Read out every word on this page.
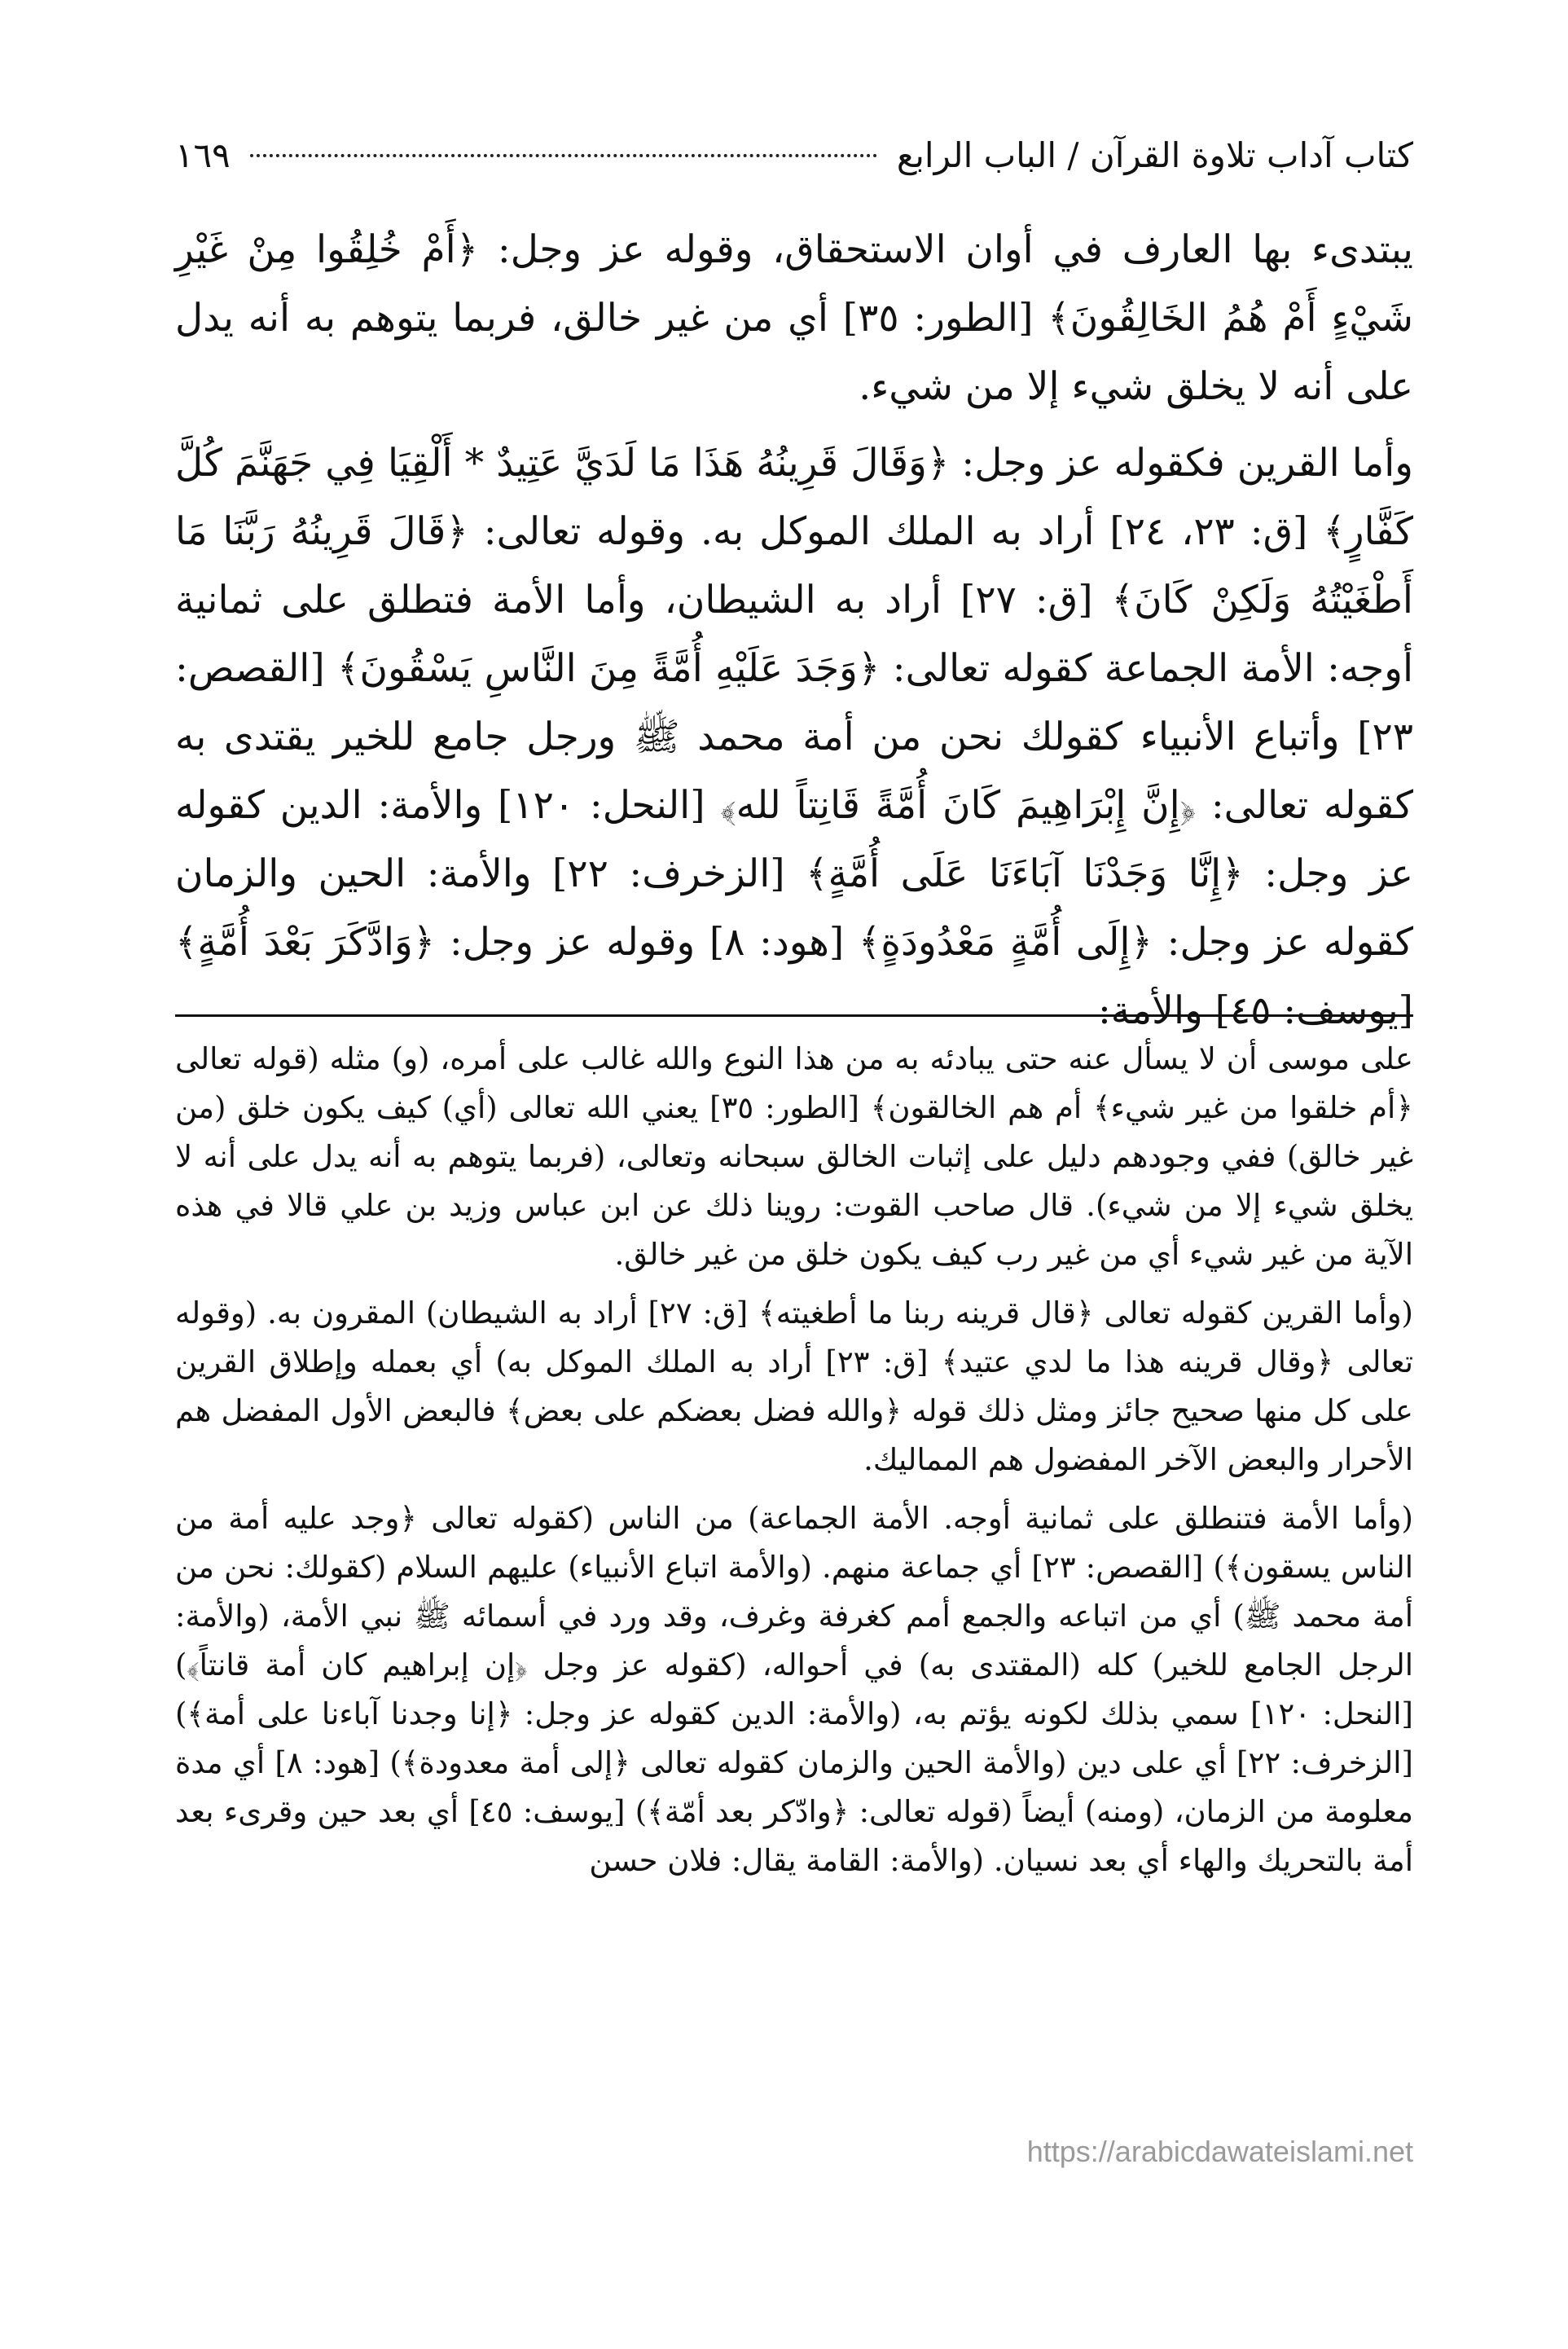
كتاب آداب تلاوة القرآن / الباب الرابع
١٦٩

يبتدىء بها العارف في أوان الاستحقاق، وقوله عز وجل: ﴿أَمْ خُلِقُوا مِنْ غَيْرِ شَيْءٍ أَمْ هُمُ الخَالِقُونَ﴾ [الطور: ٣٥] أي من غير خالق، فربما يتوهم به أنه يدل على أنه لا يخلق شيء إلا من شيء.

وأما القرين فكقوله عز وجل: ﴿وَقَالَ قَرِينُهُ هَذَا مَا لَدَيَّ عَتِيدٌ * أَلْقِيَا فِي جَهَنَّمَ كُلَّ كَفَّارٍ﴾ [ق: ٢٣، ٢٤] أراد به الملك الموكل به. وقوله تعالى: ﴿قَالَ قَرِينُهُ رَبَّنَا مَا أَطْغَيْتُهُ وَلَكِنْ كَانَ﴾ [ق: ٢٧] أراد به الشيطان، وأما الأمة فتطلق على ثمانية أوجه: الأمة الجماعة كقوله تعالى: ﴿وَجَدَ عَلَيْهِ أُمَّةً مِنَ النَّاسِ يَسْقُونَ﴾ [القصص: ٢٣] وأتباع الأنبياء كقولك نحن من أمة محمد ﷺ ورجل جامع للخير يقتدى به كقوله تعالى: ﴿إِنَّ إِبْرَاهِيمَ كَانَ أُمَّةً قَانِتاً لله﴾ [النحل: ١٢٠] والأمة: الدين كقوله عز وجل: ﴿إِنَّا وَجَدْنَا آبَاءَنَا عَلَى أُمَّةٍ﴾ [الزخرف: ٢٢] والأمة: الحين والزمان كقوله عز وجل: ﴿إِلَى أُمَّةٍ مَعْدُودَةٍ﴾ [هود: ٨] وقوله عز وجل: ﴿وَادَّكَرَ بَعْدَ أُمَّةٍ﴾ [يوسف: ٤٥] والأمة:

على موسى أن لا يسأل عنه حتى يبادئه به من هذا النوع والله غالب على أمره، (و) مثله (قوله تعالى ﴿أم خلقوا من غير شيء﴾ أم هم الخالقون﴾ [الطور: ٣٥] يعني الله تعالى (أي) كيف يكون خلق (من غير خالق) ففي وجودهم دليل على إثبات الخالق سبحانه وتعالى، (فربما يتوهم به أنه يدل على أنه لا يخلق شيء إلا من شيء). قال صاحب القوت: روينا ذلك عن ابن عباس وزيد بن علي قالا في هذه الآية من غير شيء أي من غير رب كيف يكون خلق من غير خالق.

(وأما القرين كقوله تعالى ﴿قال قرينه ربنا ما أطغيته﴾ [ق: ٢٧] أراد به الشيطان) المقرون به. (وقوله تعالى ﴿وقال قرينه هذا ما لدي عتيد﴾ [ق: ٢٣] أراد به الملك الموكل به) أي بعمله وإطلاق القرين على كل منها صحيح جائز ومثل ذلك قوله ﴿والله فضل بعضكم على بعض﴾ فالبعض الأول المفضل هم الأحرار والبعض الآخر المفضول هم المماليك.

(وأما الأمة فتنطلق على ثمانية أوجه. الأمة الجماعة) من الناس (كقوله تعالى ﴿وجد عليه أمة من الناس يسقون﴾) [القصص: ٢٣] أي جماعة منهم. (والأمة اتباع الأنبياء) عليهم السلام (كقولك: نحن من أمة محمد ﷺ) أي من اتباعه والجمع أمم كغرفة وغرف، وقد ورد في أسمائه ﷺ نبي الأمة، (والأمة: الرجل الجامع للخير) كله (المقتدى به) في أحواله، (كقوله عز وجل ﴿إن إبراهيم كان أمة قانتاً﴾) [النحل: ١٢٠] سمي بذلك لكونه يؤتم به، (والأمة: الدين كقوله عز وجل: ﴿إنا وجدنا آباءنا على أمة﴾) [الزخرف: ٢٢] أي على دين (والأمة الحين والزمان كقوله تعالى ﴿إلى أمة معدودة﴾) [هود: ٨] أي مدة معلومة من الزمان، (ومنه) أيضاً (قوله تعالى: ﴿وادّكر بعد أمّة﴾) [يوسف: ٤٥] أي بعد حين وقرىء بعد أمة بالتحريك والهاء أي بعد نسيان. (والأمة: القامة يقال: فلان حسن

https://arabicdawateislami.net
